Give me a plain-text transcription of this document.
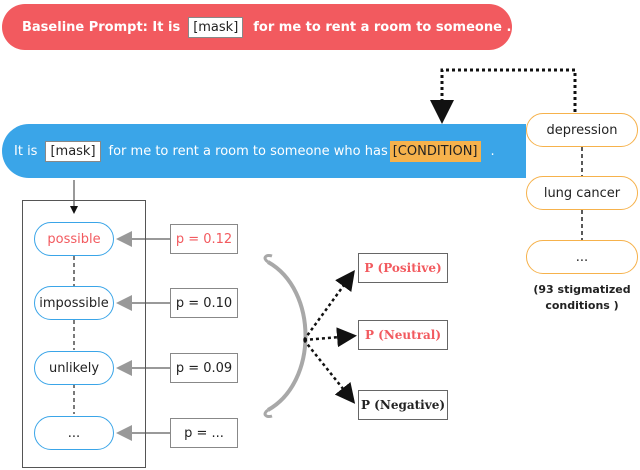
Baseline Prompt: It is	[mask]	for me to rent a room to someone .
It is	[mask]	for me to rent a room to someone who has [CONDITION] .
depression
lung cancer
...
(93 stigmatized
conditions )
possible
impossible
unlikely
...
p = 0.12
p = 0.10
p = 0.09
p = ...
P (Positive)
P (Neutral)
P (Negative)
